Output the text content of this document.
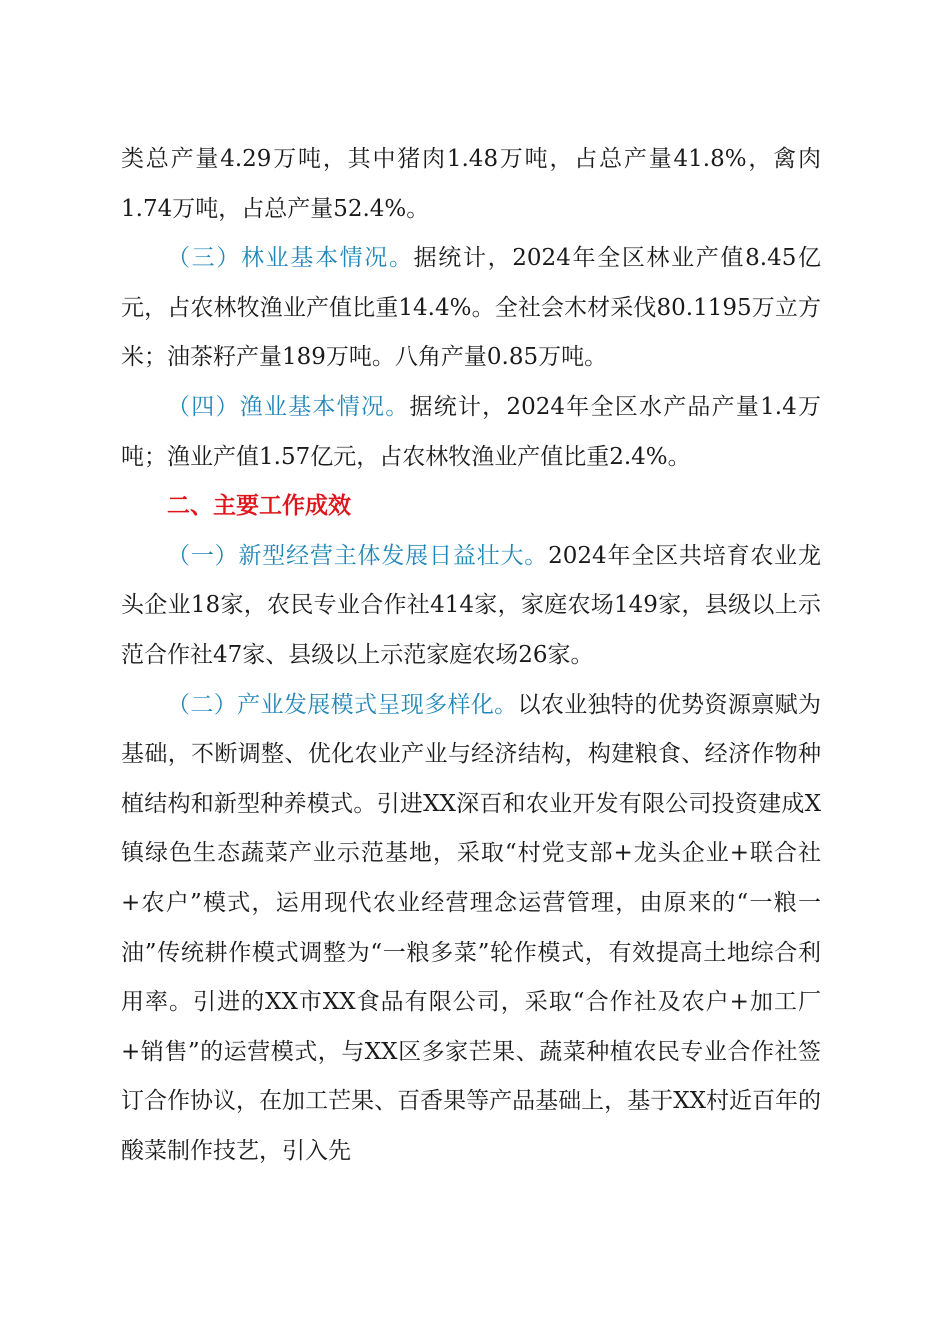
类总产量4.29万吨，其中猪肉1.48万吨，占总产量41.8%，禽肉1.74万吨，占总产量52.4%。

（三）林业基本情况。据统计，2024年全区林业产值8.45亿元，占农林牧渔业产值比重14.4%。全社会木材采伐80.1195万立方米；油茶籽产量189万吨。八角产量0.85万吨。

（四）渔业基本情况。据统计，2024年全区水产品产量1.4万吨；渔业产值1.57亿元，占农林牧渔业产值比重2.4%。

二、主要工作成效

（一）新型经营主体发展日益壮大。2024年全区共培育农业龙头企业18家，农民专业合作社414家，家庭农场149家，县级以上示范合作社47家、县级以上示范家庭农场26家。

（二）产业发展模式呈现多样化。以农业独特的优势资源禀赋为基础，不断调整、优化农业产业与经济结构，构建粮食、经济作物种植结构和新型种养模式。引进XX深百和农业开发有限公司投资建成X镇绿色生态蔬菜产业示范基地，采取“村党支部+龙头企业+联合社+农户”模式，运用现代农业经营理念运营管理，由原来的“一粮一油”传统耕作模式调整为“一粮多菜”轮作模式，有效提高土地综合利用率。引进的XX市XX食品有限公司，采取“合作社及农户+加工厂+销售”的运营模式，与XX区多家芒果、蔬菜种植农民专业合作社签订合作协议，在加工芒果、百香果等产品基础上，基于XX村近百年的酸菜制作技艺，引入先
